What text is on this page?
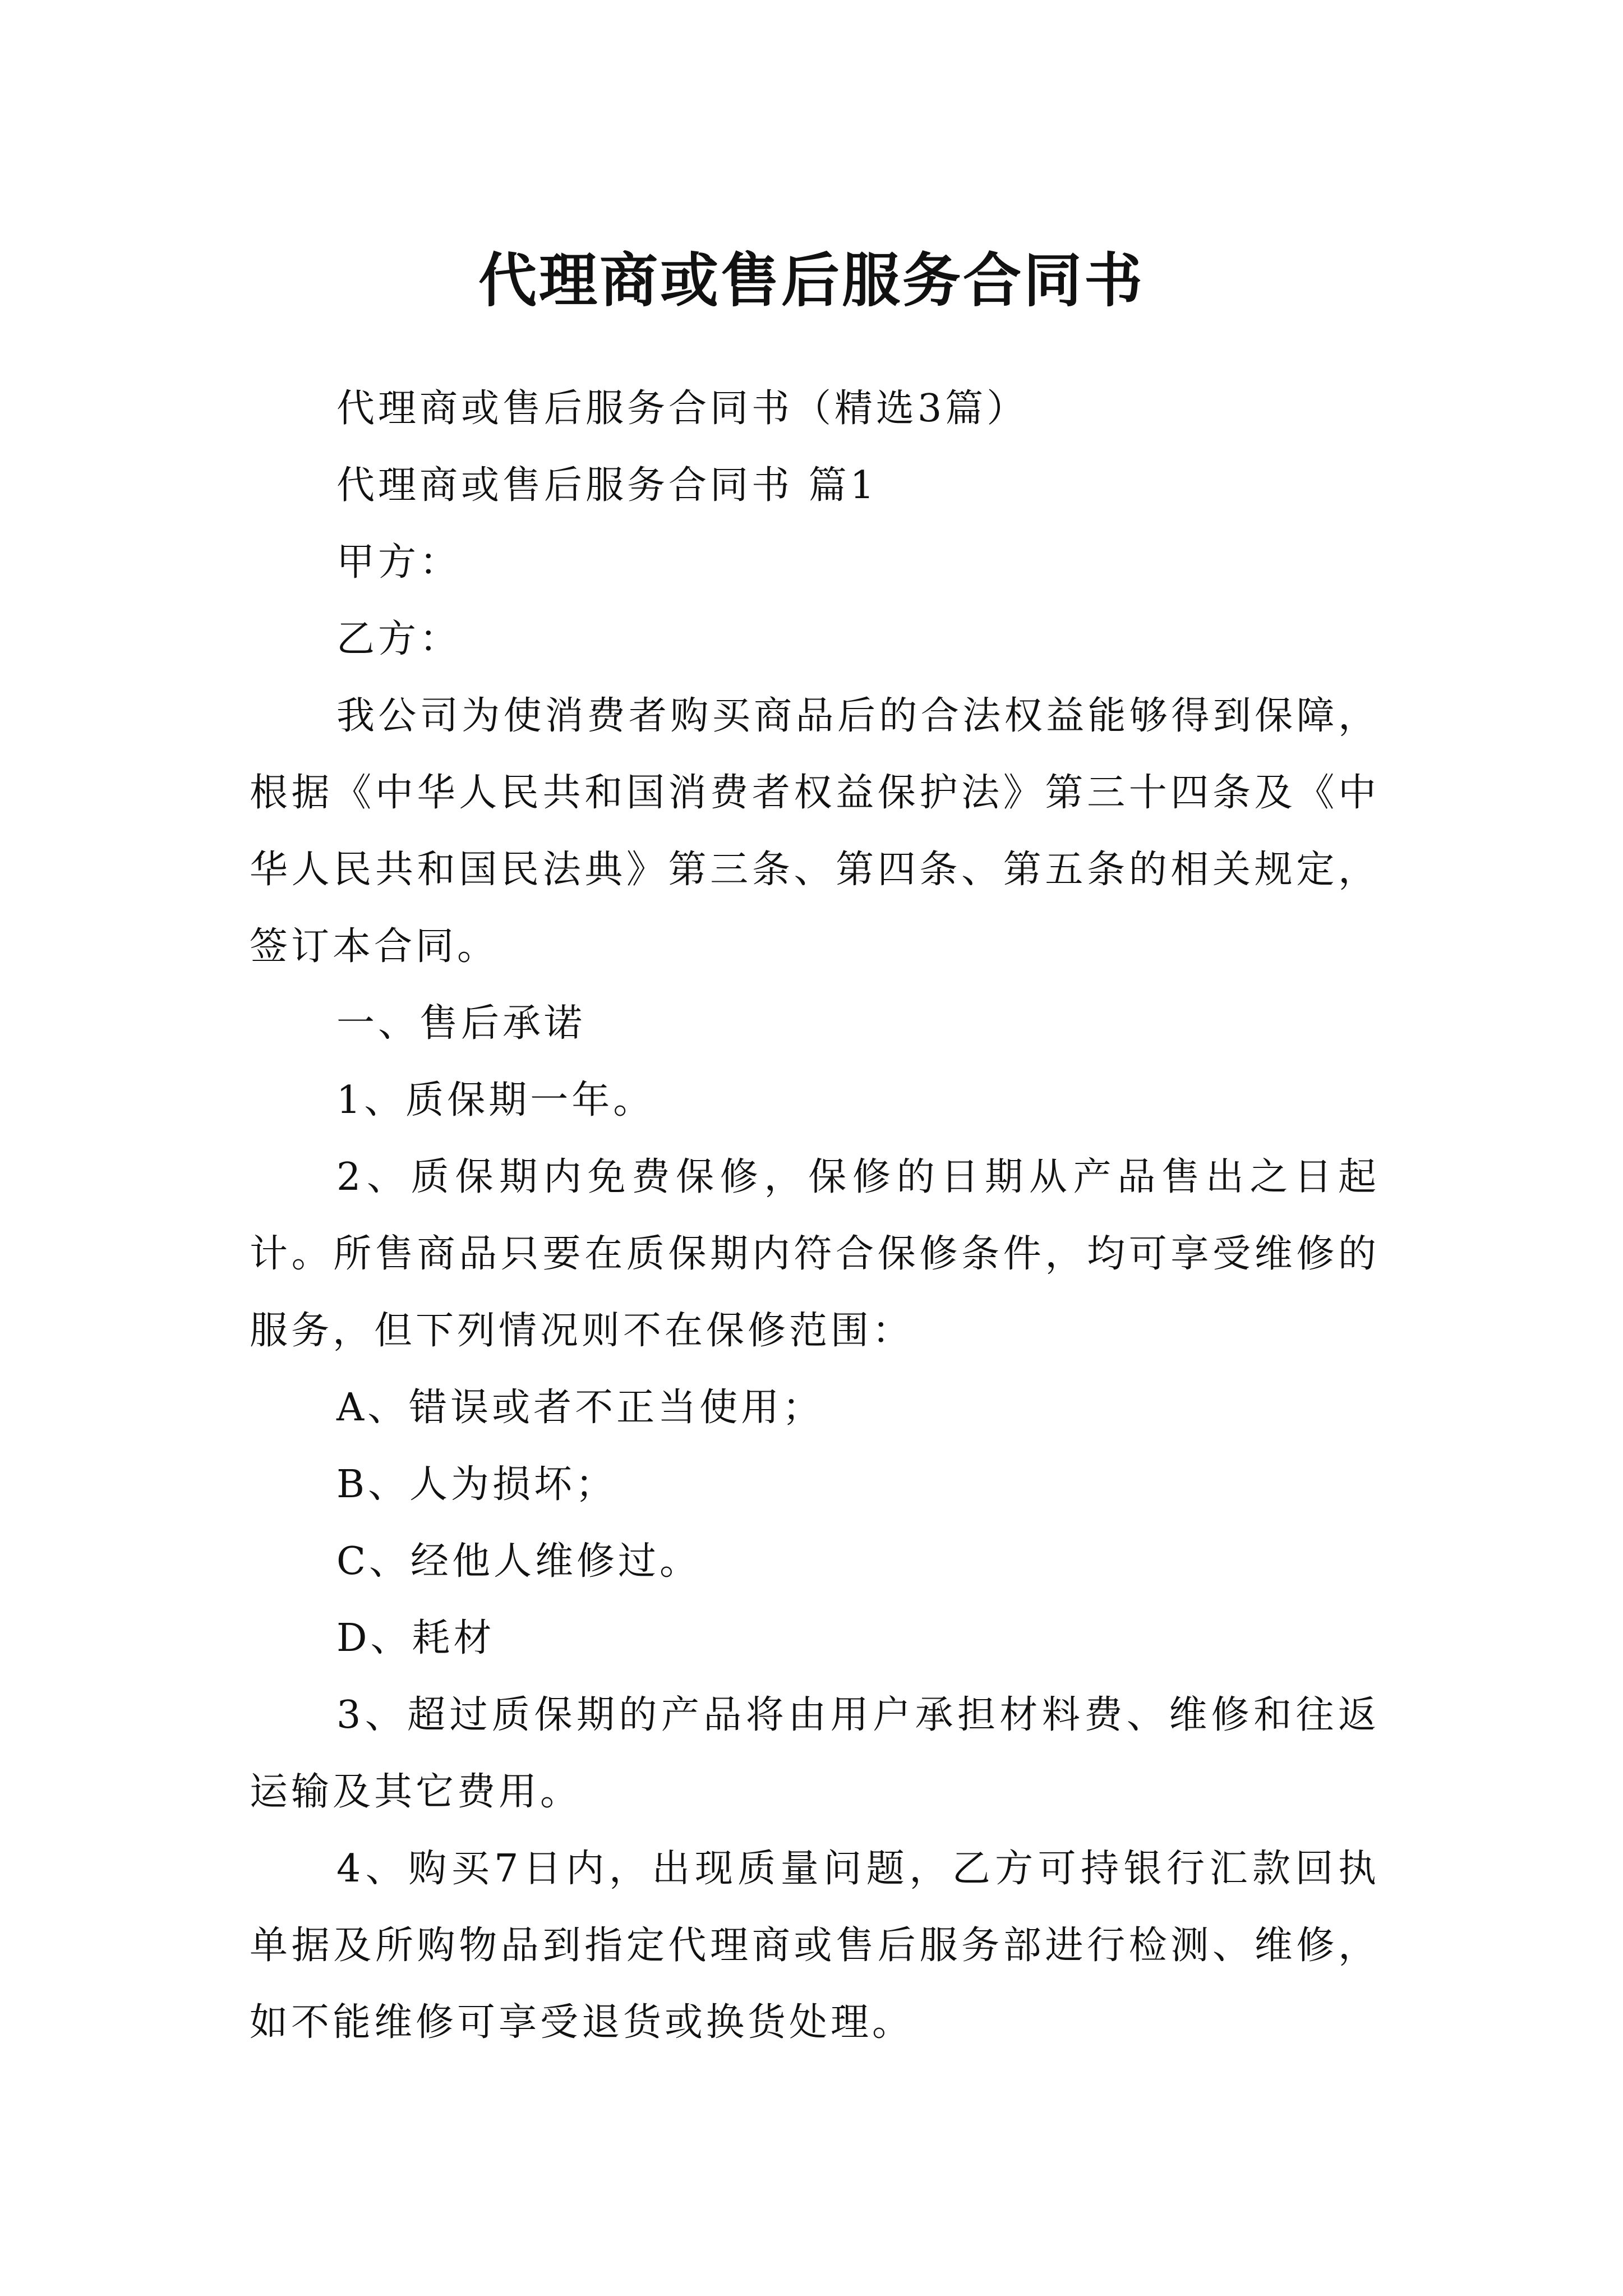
代理商或售后服务合同书

代理商或售后服务合同书（精选3篇）

代理商或售后服务合同书 篇1

甲方：

乙方：

我公司为使消费者购买商品后的合法权益能够得到保障，根据《中华人民共和国消费者权益保护法》第三十四条及《中华人民共和国民法典》第三条、第四条、第五条的相关规定，签订本合同。

一、售后承诺

1、质保期一年。

2、质保期内免费保修，保修的日期从产品售出之日起计。所售商品只要在质保期内符合保修条件，均可享受维修的服务，但下列情况则不在保修范围：

A、错误或者不正当使用；

B、人为损坏；

C、经他人维修过。

D、耗材

3、超过质保期的产品将由用户承担材料费、维修和往返运输及其它费用。

4、购买7日内，出现质量问题，乙方可持银行汇款回执单据及所购物品到指定代理商或售后服务部进行检测、维修，如不能维修可享受退货或换货处理。
